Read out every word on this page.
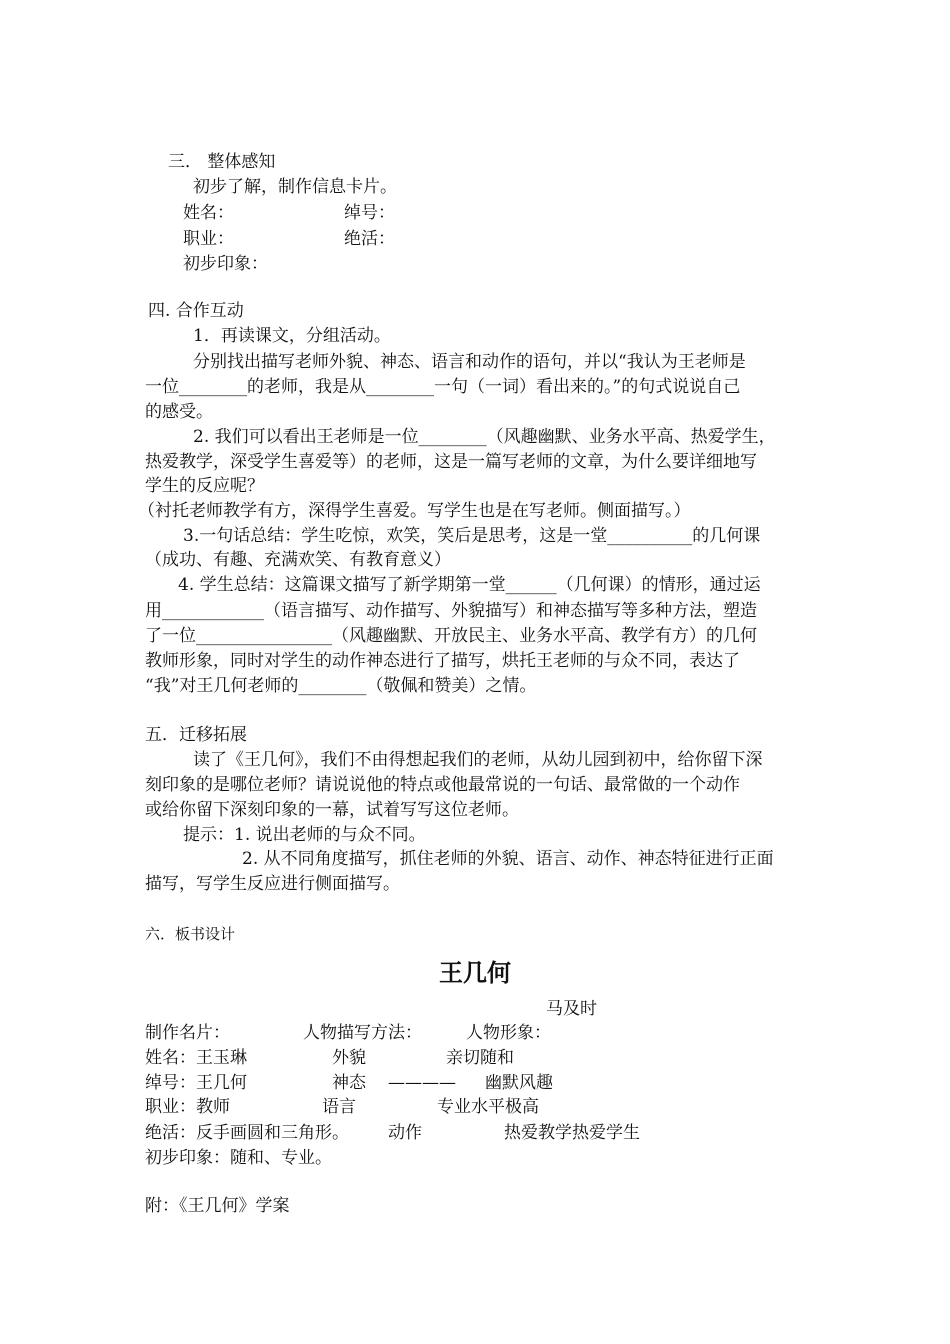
三． 整体感知
初步了解，制作信息卡片。
姓名：	绰号：
职业：	绝活：
初步印象：
四. 合作互动
1．再读课文，分组活动。
分别找出描写老师外貌、神态、语言和动作的语句，并以“我认为王老师是
一位________的老师，我是从________一句（一词）看出来的。”的句式说说自己
的感受。
2. 我们可以看出王老师是一位________（风趣幽默、业务水平高、热爱学生，
热爱教学，深受学生喜爱等）的老师，这是一篇写老师的文章，为什么要详细地写
学生的反应呢？
（衬托老师教学有方，深得学生喜爱。写学生也是在写老师。侧面描写。）
3.一句话总结：学生吃惊，欢笑，笑后是思考，这是一堂__________的几何课
（成功、有趣、充满欢笑、有教育意义）
4. 学生总结：这篇课文描写了新学期第一堂______（几何课）的情形，通过运
用____________（语言描写、动作描写、外貌描写）和神态描写等多种方法，塑造
了一位________________（风趣幽默、开放民主、业务水平高、教学有方）的几何
教师形象，同时对学生的动作神态进行了描写，烘托王老师的与众不同，表达了
“我”对王几何老师的________（敬佩和赞美）之情。
五．迁移拓展
读了《王几何》，我们不由得想起我们的老师，从幼儿园到初中，给你留下深
刻印象的是哪位老师？请说说他的特点或他最常说的一句话、最常做的一个动作
或给你留下深刻印象的一幕，试着写写这位老师。
提示：1. 说出老师的与众不同。
2. 从不同角度描写，抓住老师的外貌、语言、动作、神态特征进行正面
描写，写学生反应进行侧面描写。
六．板书设计
王几何
马及时
制作名片：	人物描写方法：	人物形象：
姓名：王玉琳	外貌	亲切随和
绰号：王几何	神态 ———— 幽默风趣
职业：教师	语言	专业水平极高
绝活：反手画圆和三角形。 动作	热爱教学热爱学生
初步印象：随和、专业。
附：《王几何》学案
